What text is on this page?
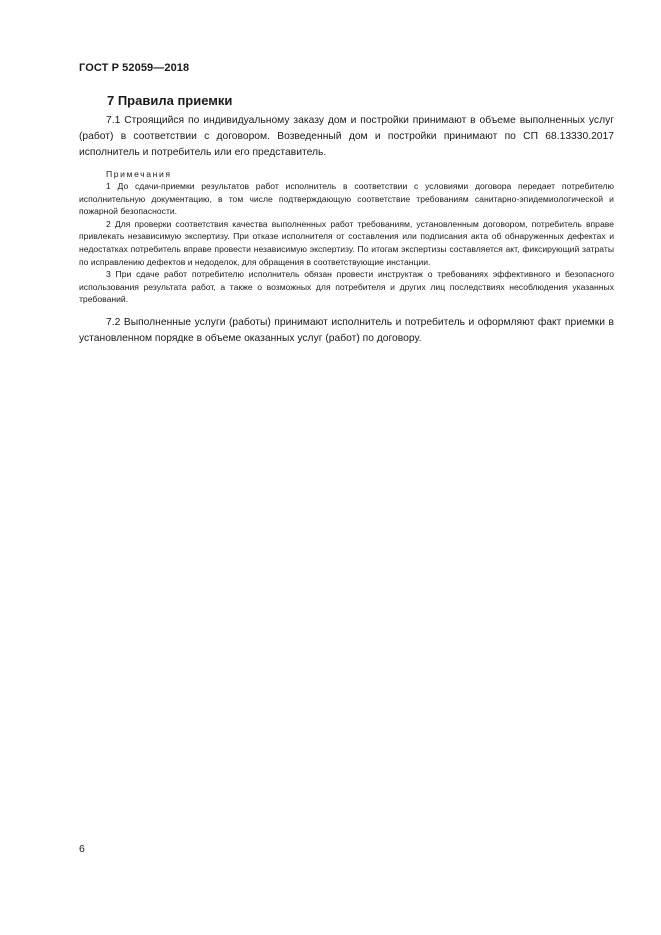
ГОСТ Р 52059—2018
7 Правила приемки

7.1 Строящийся по индивидуальному заказу дом и постройки принимают в объеме выполненных услуг (работ) в соответствии с договором. Возведенный дом и постройки принимают по СП 68.13330.2017 исполнитель и потребитель или его представитель.

Примечания

1 До сдачи-приемки результатов работ исполнитель в соответствии с условиями договора передает потребителю исполнительную документацию, в том числе подтверждающую соответствие требованиям санитарно-эпидемиологической и пожарной безопасности.

2 Для проверки соответствия качества выполненных работ требованиям, установленным договором, потребитель вправе привлекать независимую экспертизу. При отказе исполнителя от составления или подписания акта об обнаруженных дефектах и недостатках потребитель вправе провести независимую экспертизу. По итогам экспертизы составляется акт, фиксирующий затраты по исправлению дефектов и недоделок, для обращения в соответствующие инстанции.

3 При сдаче работ потребителю исполнитель обязан провести инструктаж о требованиях эффективного и безопасного использования результата работ, а также о возможных для потребителя и других лиц последствиях несоблюдения указанных требований.

7.2 Выполненные услуги (работы) принимают исполнитель и потребитель и оформляют факт приемки в установленном порядке в объеме оказанных услуг (работ) по договору.

6
